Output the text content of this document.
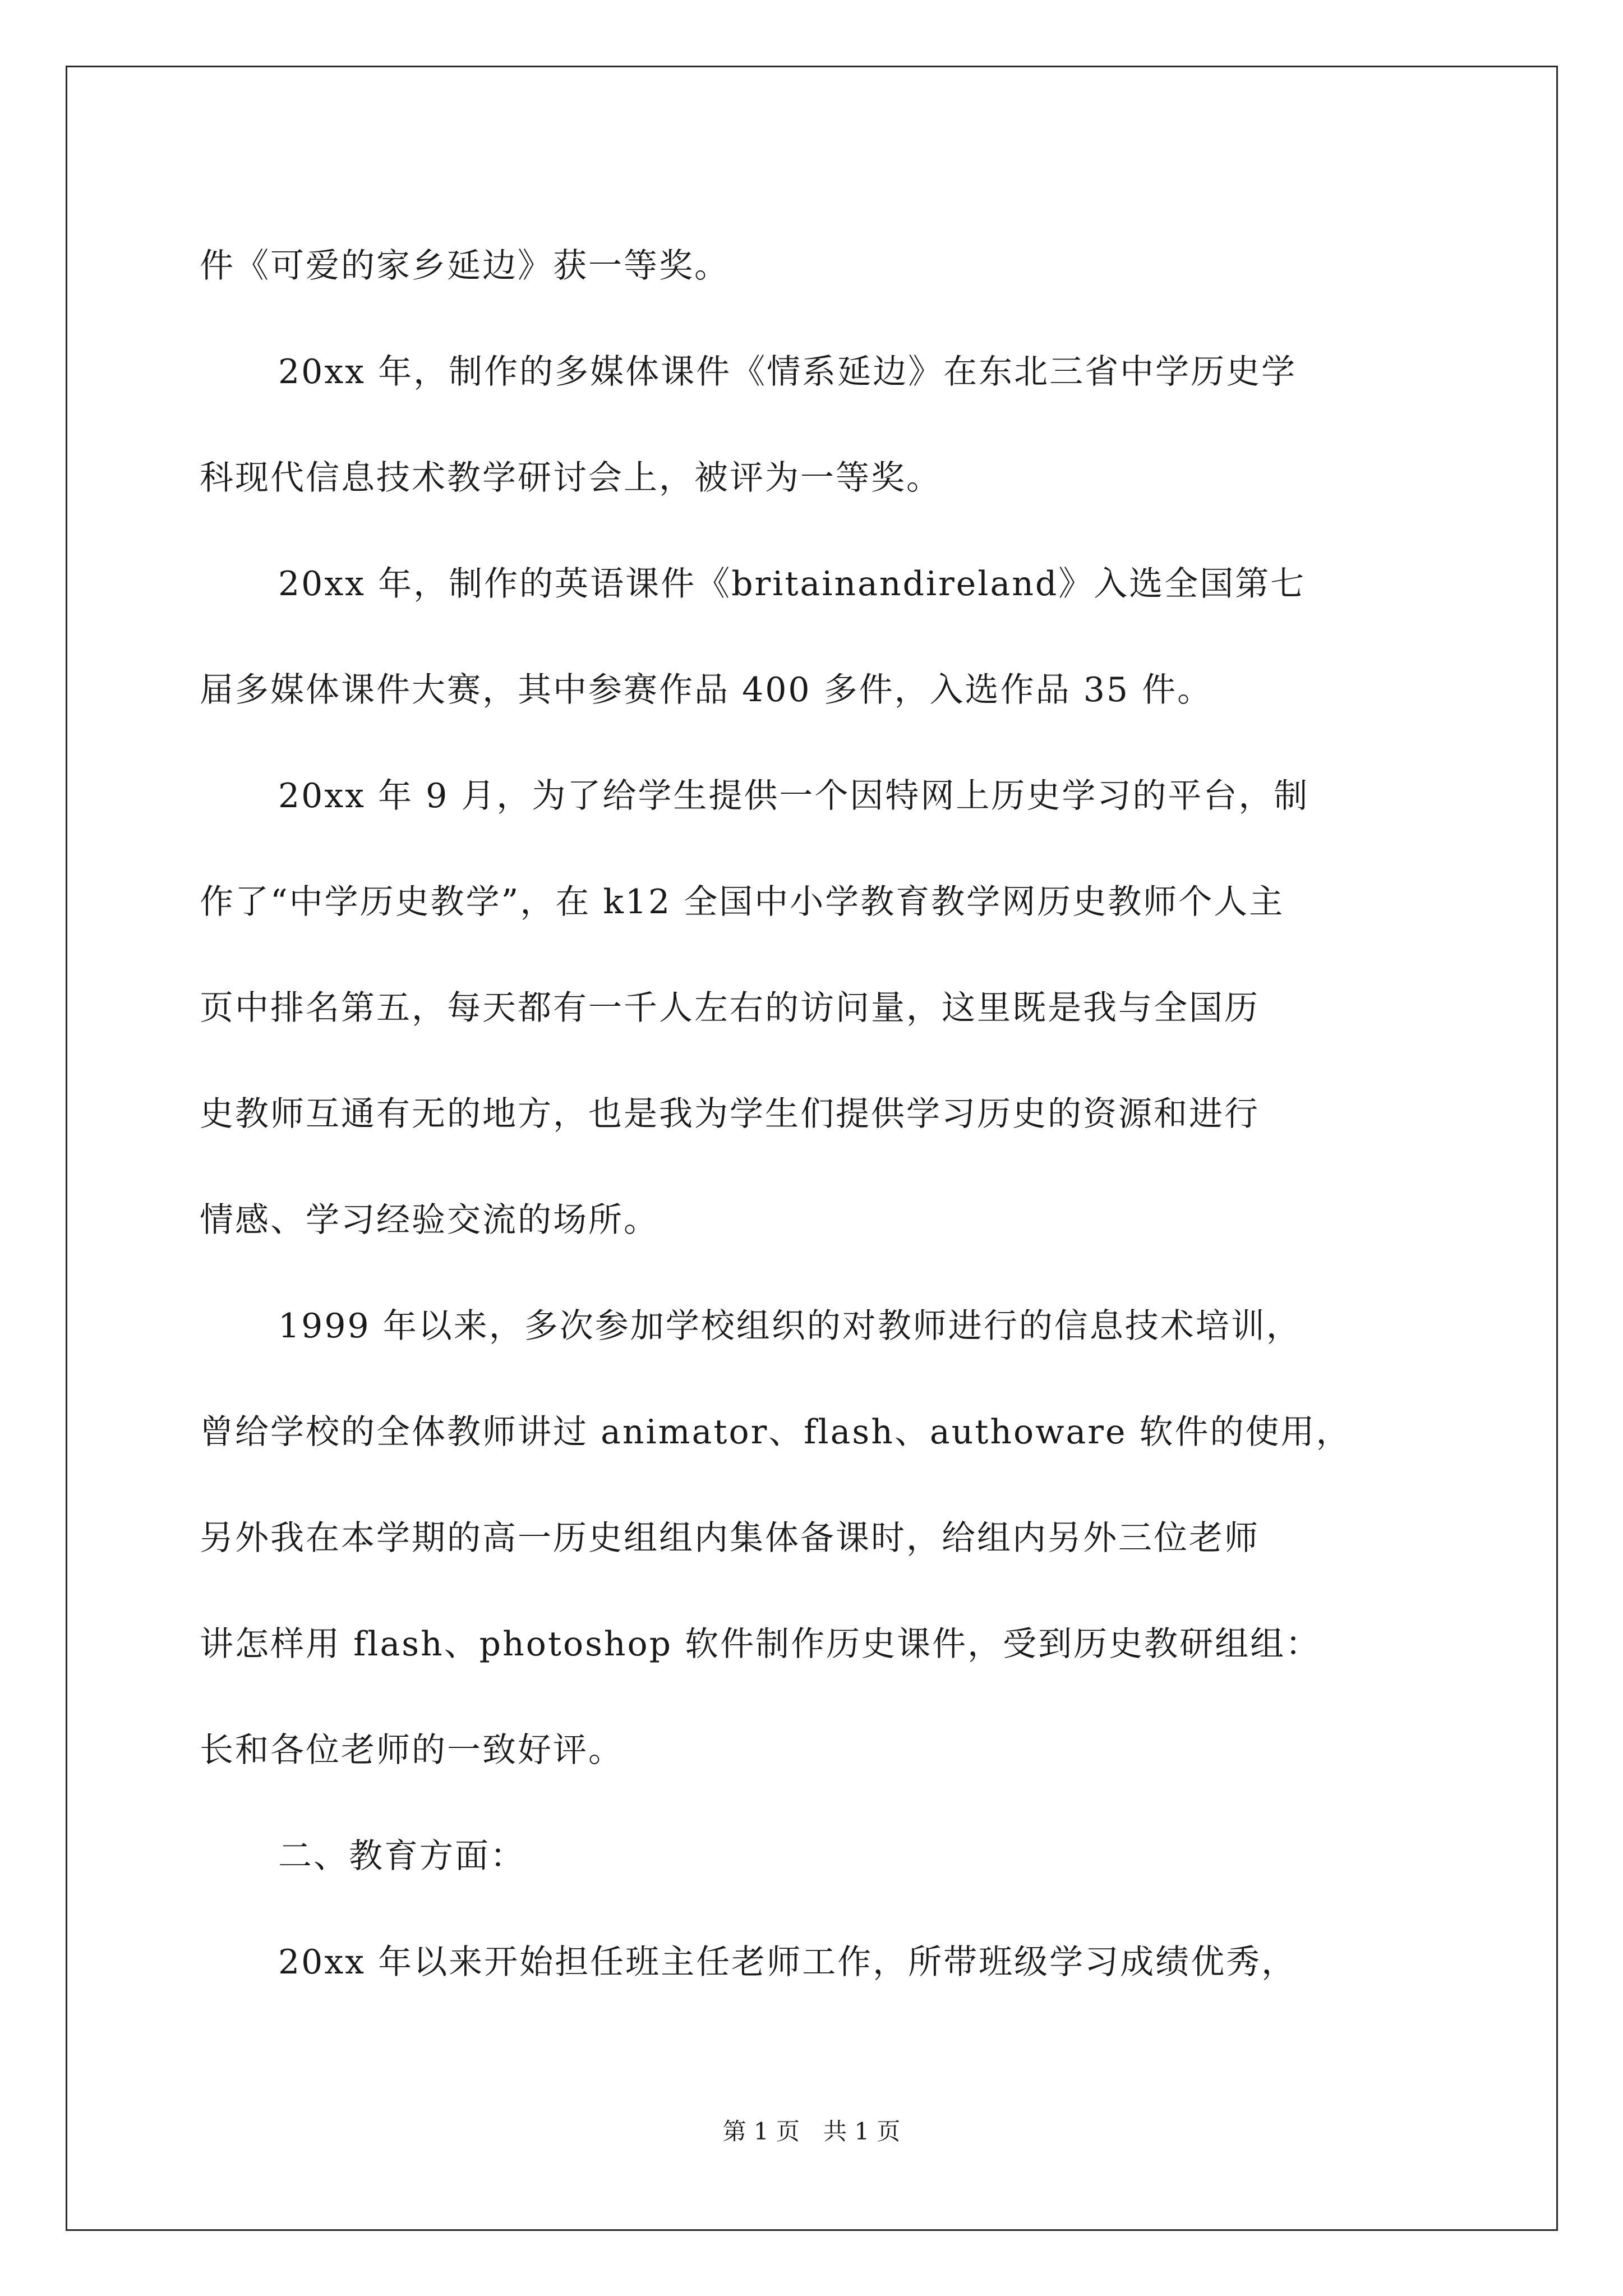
件《可爱的家乡延边》获一等奖。

20xx 年，制作的多媒体课件《情系延边》在东北三省中学历史学

科现代信息技术教学研讨会上，被评为一等奖。

20xx 年，制作的英语课件《britainandireland》入选全国第七

届多媒体课件大赛，其中参赛作品 400 多件，入选作品 35 件。

20xx 年 9 月，为了给学生提供一个因特网上历史学习的平台，制

作了“中学历史教学”，在 k12 全国中小学教育教学网历史教师个人主

页中排名第五，每天都有一千人左右的访问量，这里既是我与全国历

史教师互通有无的地方，也是我为学生们提供学习历史的资源和进行

情感、学习经验交流的场所。

1999 年以来，多次参加学校组织的对教师进行的信息技术培训，

曾给学校的全体教师讲过 animator、flash、authoware 软件的使用，

另外我在本学期的高一历史组组内集体备课时，给组内另外三位老师

讲怎样用 flash、photoshop 软件制作历史课件，受到历史教研组组：

长和各位老师的一致好评。

二、教育方面：

20xx 年以来开始担任班主任老师工作，所带班级学习成绩优秀，

第 1 页　共 1 页
